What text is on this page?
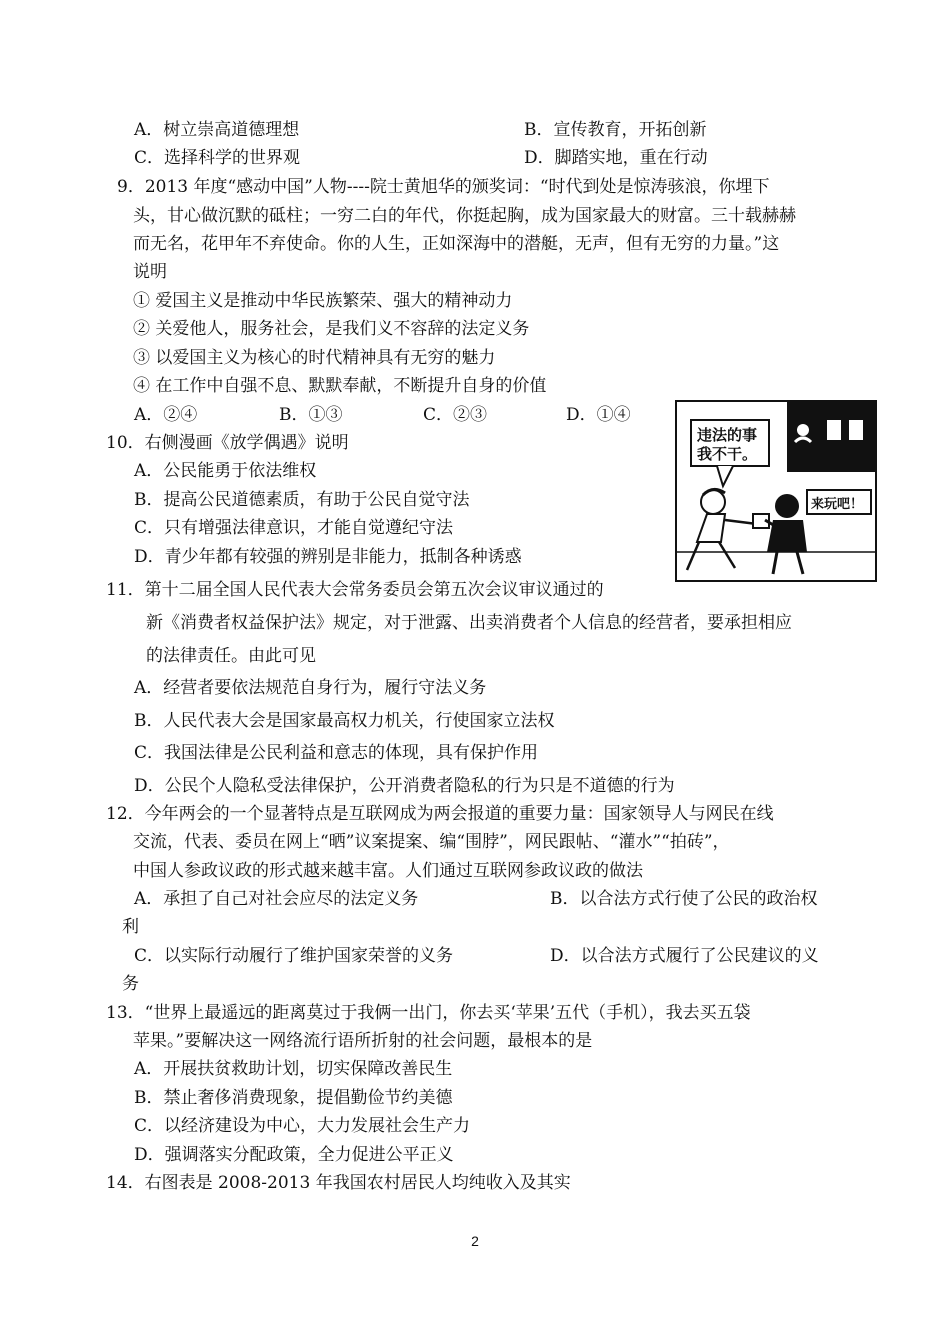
A．树立崇高道德理想	B．宣传教育，开拓创新
C．选择科学的世界观	D．脚踏实地，重在行动
9．2013 年度“感动中国”人物----院士黄旭华的颁奖词：“时代到处是惊涛骇浪，你埋下
头，甘心做沉默的砥柱；一穷二白的年代，你挺起胸，成为国家最大的财富。三十载赫赫
而无名，花甲年不弃使命。你的人生，正如深海中的潜艇，无声，但有无穷的力量。”这
说明
① 爱国主义是推动中华民族繁荣、强大的精神动力
② 关爱他人，服务社会，是我们义不容辞的法定义务
③ 以爱国主义为核心的时代精神具有无穷的魅力
④ 在工作中自强不息、默默奉献，不断提升自身的价值
A．②④	B．①③	C．②③	D．①④
10．右侧漫画《放学偶遇》说明
A．公民能勇于依法维权
B．提高公民道德素质，有助于公民自觉守法
C．只有增强法律意识，才能自觉遵纪守法
D．青少年都有较强的辨别是非能力，抵制各种诱惑
违法的事
我不干。
来玩吧！
11．第十二届全国人民代表大会常务委员会第五次会议审议通过的
新《消费者权益保护法》规定，对于泄露、出卖消费者个人信息的经营者，要承担相应
的法律责任。由此可见
A．经营者要依法规范自身行为，履行守法义务
B．人民代表大会是国家最高权力机关，行使国家立法权
C．我国法律是公民利益和意志的体现，具有保护作用
D．公民个人隐私受法律保护，公开消费者隐私的行为只是不道德的行为
12．今年两会的一个显著特点是互联网成为两会报道的重要力量：国家领导人与网民在线
交流，代表、委员在网上“晒”议案提案、编“围脖”，网民跟帖、“灌水”“拍砖”，
中国人参政议政的形式越来越丰富。人们通过互联网参政议政的做法
A．承担了自己对社会应尽的法定义务	B．以合法方式行使了公民的政治权
利
C．以实际行动履行了维护国家荣誉的义务	D．以合法方式履行了公民建议的义
务
13．“世界上最遥远的距离莫过于我俩一出门，你去买‘苹果’五代（手机），我去买五袋
苹果。”要解决这一网络流行语所折射的社会问题，最根本的是
A．开展扶贫救助计划，切实保障改善民生
B．禁止奢侈消费现象，提倡勤俭节约美德
C．以经济建设为中心，大力发展社会生产力
D．强调落实分配政策，全力促进公平正义
14．右图表是 2008-2013 年我国农村居民人均纯收入及其实
2
